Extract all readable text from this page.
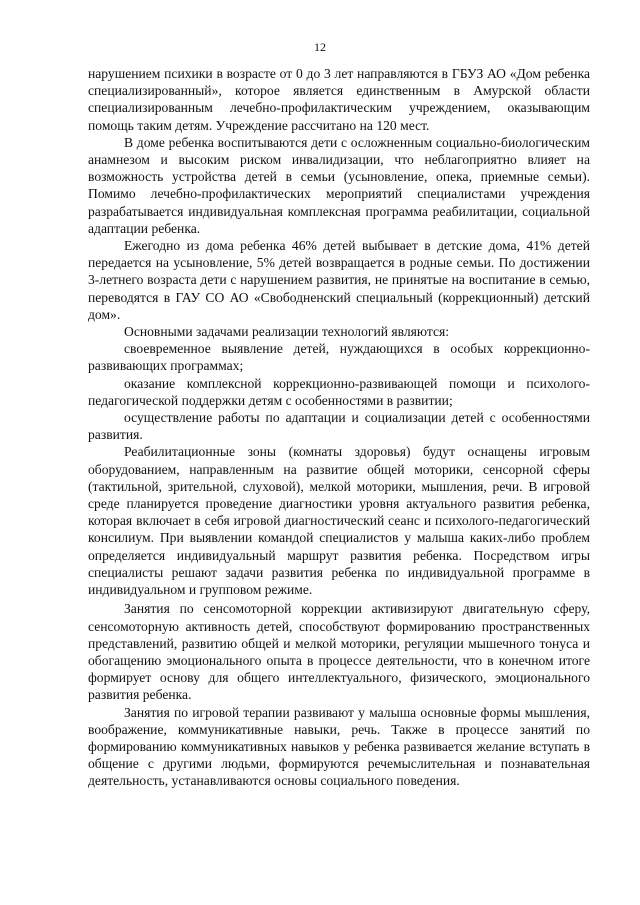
12

нарушением психики в возрасте от 0 до 3 лет направляются в ГБУЗ АО «Дом ребенка специализированный», которое является единственным в Амурской области специализированным лечебно-профилактическим учреждением, оказывающим помощь таким детям. Учреждение рассчитано на 120 мест.

В доме ребенка воспитываются дети с осложненным социально-биологическим анамнезом и высоким риском инвалидизации, что неблагоприятно влияет на возможность устройства детей в семьи (усыновление, опека, приемные семьи). Помимо лечебно-профилактических мероприятий специалистами учреждения разрабатывается индивидуальная комплексная программа реабилитации, социальной адаптации ребенка.

Ежегодно из дома ребенка 46% детей выбывает в детские дома, 41% детей передается на усыновление, 5% детей возвращается в родные семьи. По достижении 3-летнего возраста дети с нарушением развития, не принятые на воспитание в семью, переводятся в ГАУ СО АО «Свободненский специальный (коррекционный) детский дом».

Основными задачами реализации технологий являются:

своевременное выявление детей, нуждающихся в особых коррекционно-развивающих программах;

оказание комплексной коррекционно-развивающей помощи и психолого-педагогической поддержки детям с особенностями в развитии;

осуществление работы по адаптации и социализации детей с особенностями развития.

Реабилитационные зоны (комнаты здоровья) будут оснащены игровым оборудованием, направленным на развитие общей моторики, сенсорной сферы (тактильной, зрительной, слуховой), мелкой моторики, мышления, речи. В игровой среде планируется проведение диагностики уровня актуального развития ребенка, которая включает в себя игровой диагностический сеанс и психолого-педагогический консилиум. При выявлении командой специалистов у малыша каких-либо проблем определяется индивидуальный маршрут развития ребенка. Посредством игры специалисты решают задачи развития ребенка по индивидуальной программе в индивидуальном и групповом режиме.

Занятия по сенсомоторной коррекции активизируют двигательную сферу, сенсомоторную активность детей, способствуют формированию пространственных представлений, развитию общей и мелкой моторики, регуляции мышечного тонуса и обогащению эмоционального опыта в процессе деятельности, что в конечном итоге формирует основу для общего интеллектуального, физического, эмоционального развития ребенка.

Занятия по игровой терапии развивают у малыша основные формы мышления, воображение, коммуникативные навыки, речь. Также в процессе занятий по формированию коммуникативных навыков у ребенка развивается желание вступать в общение с другими людьми, формируются речемыслительная и познавательная деятельность, устанавливаются основы социального поведения.
